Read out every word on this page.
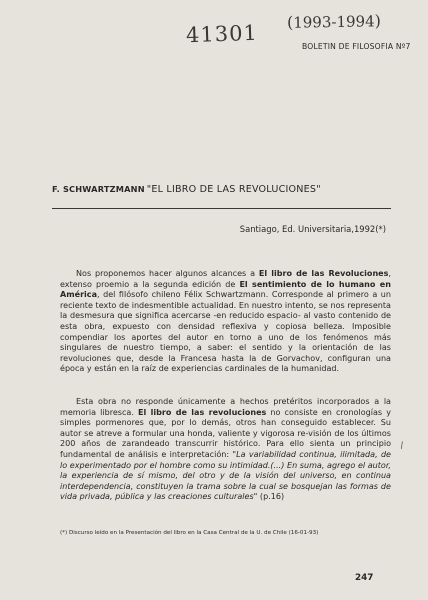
41301 (1993-1994)
BOLETIN DE FILOSOFIA Nº7
F. SCHWARTZMANN "EL LIBRO DE LAS REVOLUCIONES"
Santiago, Ed. Universitaria,1992(*)
Nos proponemos hacer algunos alcances a El libro de las Revoluciones, extenso proemio a la segunda edición de El sentimiento de lo humano en América, del filósofo chileno Félix Schwartzmann. Corresponde al primero a un reciente texto de indesmentible actualidad. En nuestro intento, se nos representa la desmesura que significa acercarse -en reducido espacio- al vasto contenido de esta obra, expuesto con densidad reflexiva y copiosa belleza. Imposible compendiar los aportes del autor en torno a uno de los fenómenos más singulares de nuestro tiempo, a saber: el sentido y la orientación de las revoluciones que, desde la Francesa hasta la de Gorvachov, configuran una época y están en la raíz de experiencias cardinales de la humanidad.
Esta obra no responde únicamente a hechos pretéritos incorporados a la memoria libresca. El libro de las revoluciones no consiste en cronologías y simples pormenores que, por lo demás, otros han conseguido establecer. Su autor se atreve a formular una honda, valiente y vigorosa re-visión de los últimos 200 años de zarandeado transcurrir histórico. Para ello sienta un principio fundamental de análisis e interpretación: "La variabilidad continua, ilimitada, de lo experimentado por el hombre como su intimidad.(...) En suma, agrego el autor, la experiencia de sí mismo, del otro y de la visión del universo, en continua interdependencia, constituyen la trama sobre la cual se bosquejan las formas de vida privada, pública y las creaciones culturales" (p.16)
\
(*) Discurso leído en la Presentación del libro en la Casa Central de la U. de Chile (16-01-93)
247
